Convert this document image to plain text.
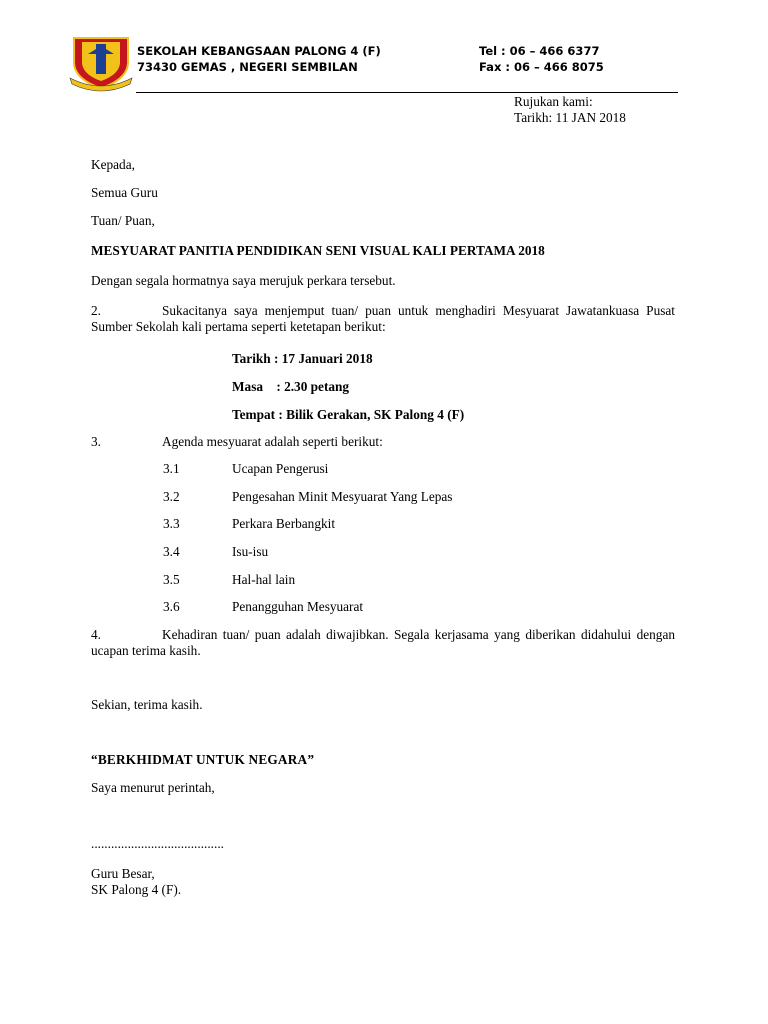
SEKOLAH KEBANGSAAN PALONG 4 (F)
73430 GEMAS , NEGERI SEMBILAN
Tel : 06 – 466 6377
Fax : 06 – 466 8075
Rujukan kami:
Tarikh: 11 JAN 2018
Kepada,
Semua Guru
Tuan/ Puan,
MESYUARAT PANITIA PENDIDIKAN SENI VISUAL KALI PERTAMA 2018
Dengan segala hormatnya saya merujuk perkara tersebut.
2.	Sukacitanya saya menjemput tuan/ puan untuk menghadiri Mesyuarat Jawatankuasa Pusat Sumber Sekolah kali pertama seperti ketetapan berikut:
Tarikh : 17 Januari 2018
Masa    : 2.30 petang
Tempat : Bilik Gerakan, SK Palong 4 (F)
3.	Agenda mesyuarat adalah seperti berikut:
3.1	Ucapan Pengerusi
3.2	Pengesahan Minit Mesyuarat Yang Lepas
3.3	Perkara Berbangkit
3.4	Isu-isu
3.5	Hal-hal lain
3.6	Penangguhan Mesyuarat
4.	Kehadiran tuan/ puan adalah diwajibkan. Segala kerjasama yang diberikan didahului dengan ucapan terima kasih.
Sekian, terima kasih.
“BERKHIDMAT UNTUK NEGARA”
Saya menurut perintah,
........................................
Guru Besar,
SK Palong 4 (F).
